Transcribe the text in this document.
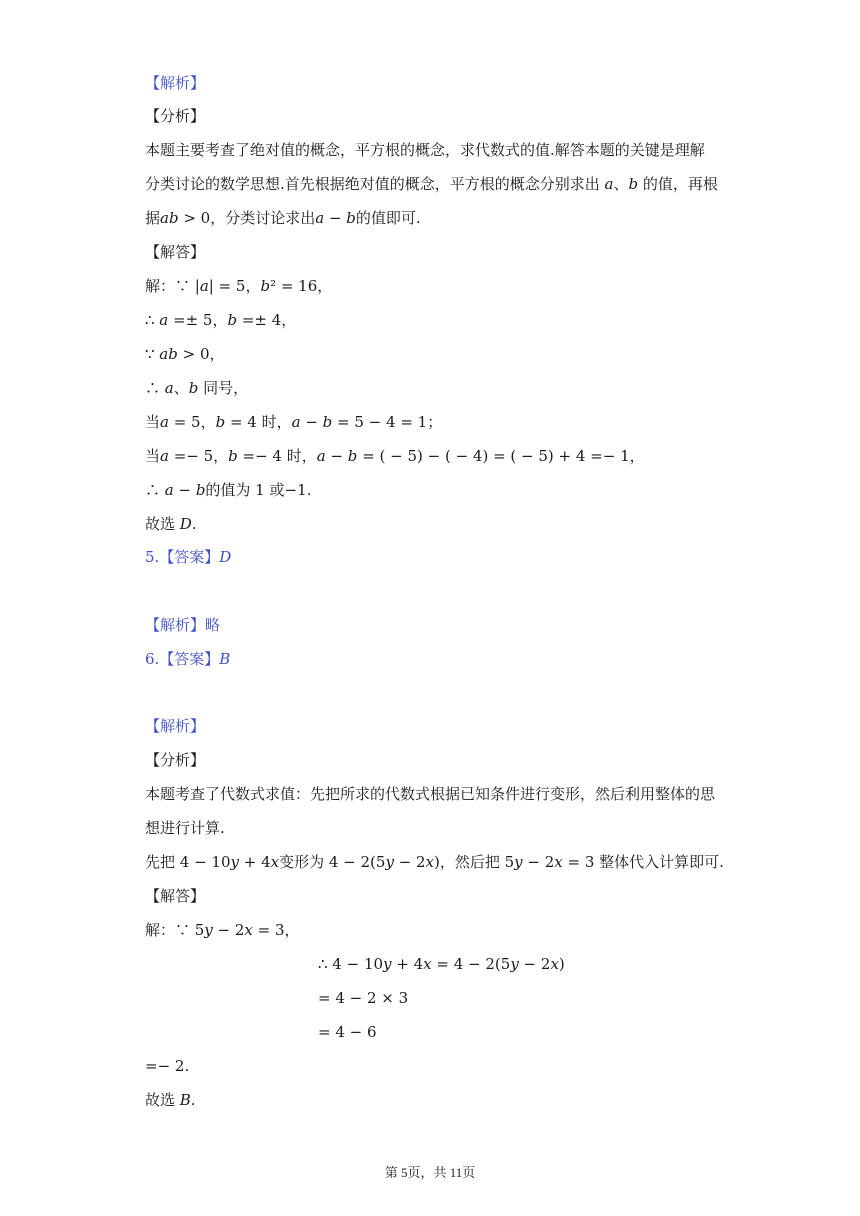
【解析】
【分析】
本题主要考查了绝对值的概念，平方根的概念，求代数式的值.解答本题的关键是理解
分类讨论的数学思想.首先根据绝对值的概念，平方根的概念分别求出 𝑎、𝑏 的值，再根
据𝑎𝑏 > 0，分类讨论求出𝑎 − 𝑏的值即可.
【解答】
解：∵ |𝑎| = 5，𝑏² = 16，
∴ 𝑎 =± 5，𝑏 =± 4，
∵ 𝑎𝑏 > 0，
∴ 𝑎、𝑏 同号，
当𝑎 = 5，𝑏 = 4 时，𝑎 − 𝑏 = 5 − 4 = 1；
当𝑎 =− 5，𝑏 =− 4 时，𝑎 − 𝑏 = ( − 5) − ( − 4) = ( − 5) + 4 =− 1，
∴ 𝑎 − 𝑏的值为 1 或−1.
故选 𝐷.
5.【答案】𝐷
【解析】略
6.【答案】𝐵
【解析】
【分析】
本题考查了代数式求值：先把所求的代数式根据已知条件进行变形，然后利用整体的思
想进行计算.
先把 4 − 10𝑦 + 4𝑥变形为 4 − 2(5𝑦 − 2𝑥)，然后把 5𝑦 − 2𝑥 = 3 整体代入计算即可.
【解答】
解：∵ 5𝑦 − 2𝑥 = 3，
∴ 4 − 10𝑦 + 4𝑥 = 4 − 2(5𝑦 − 2𝑥)
= 4 − 2 × 3
= 4 − 6
=− 2.
故选 𝐵.
第 5页，共 11页
